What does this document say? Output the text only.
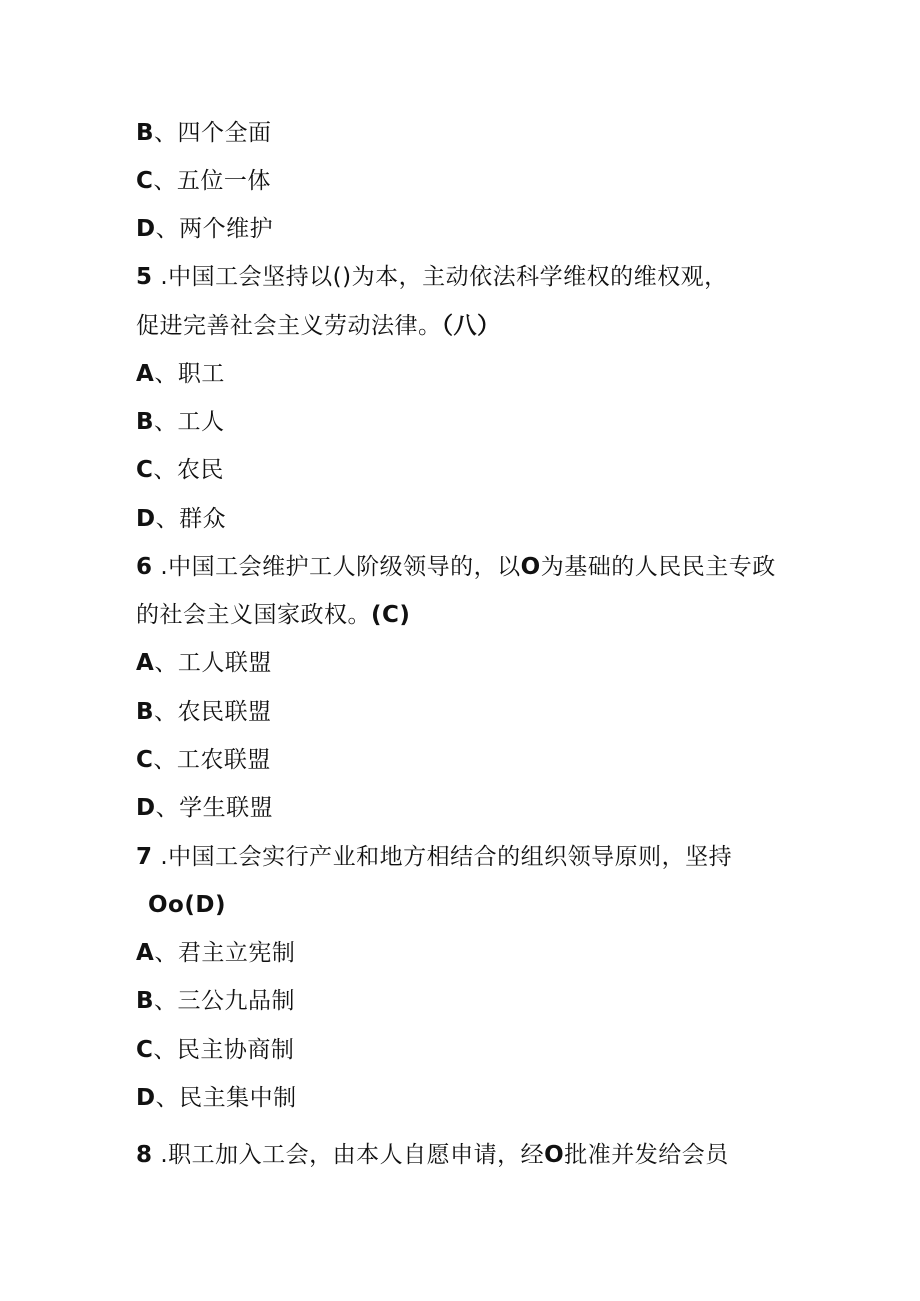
B、四个全面
C、五位一体
D、两个维护
5 .中国工会坚持以()为本，主动依法科学维权的维权观，
促进完善社会主义劳动法律。（八）
A、职工
B、工人
C、农民
D、群众
6 .中国工会维护工人阶级领导的，以O为基础的人民民主专政
的社会主义国家政权。(C)
A、工人联盟
B、农民联盟
C、工农联盟
D、学生联盟
7 .中国工会实行产业和地方相结合的组织领导原则，坚持
Oo(D)
A、君主立宪制
B、三公九品制
C、民主协商制
D、民主集中制
8 .职工加入工会，由本人自愿申请，经O批准并发给会员
